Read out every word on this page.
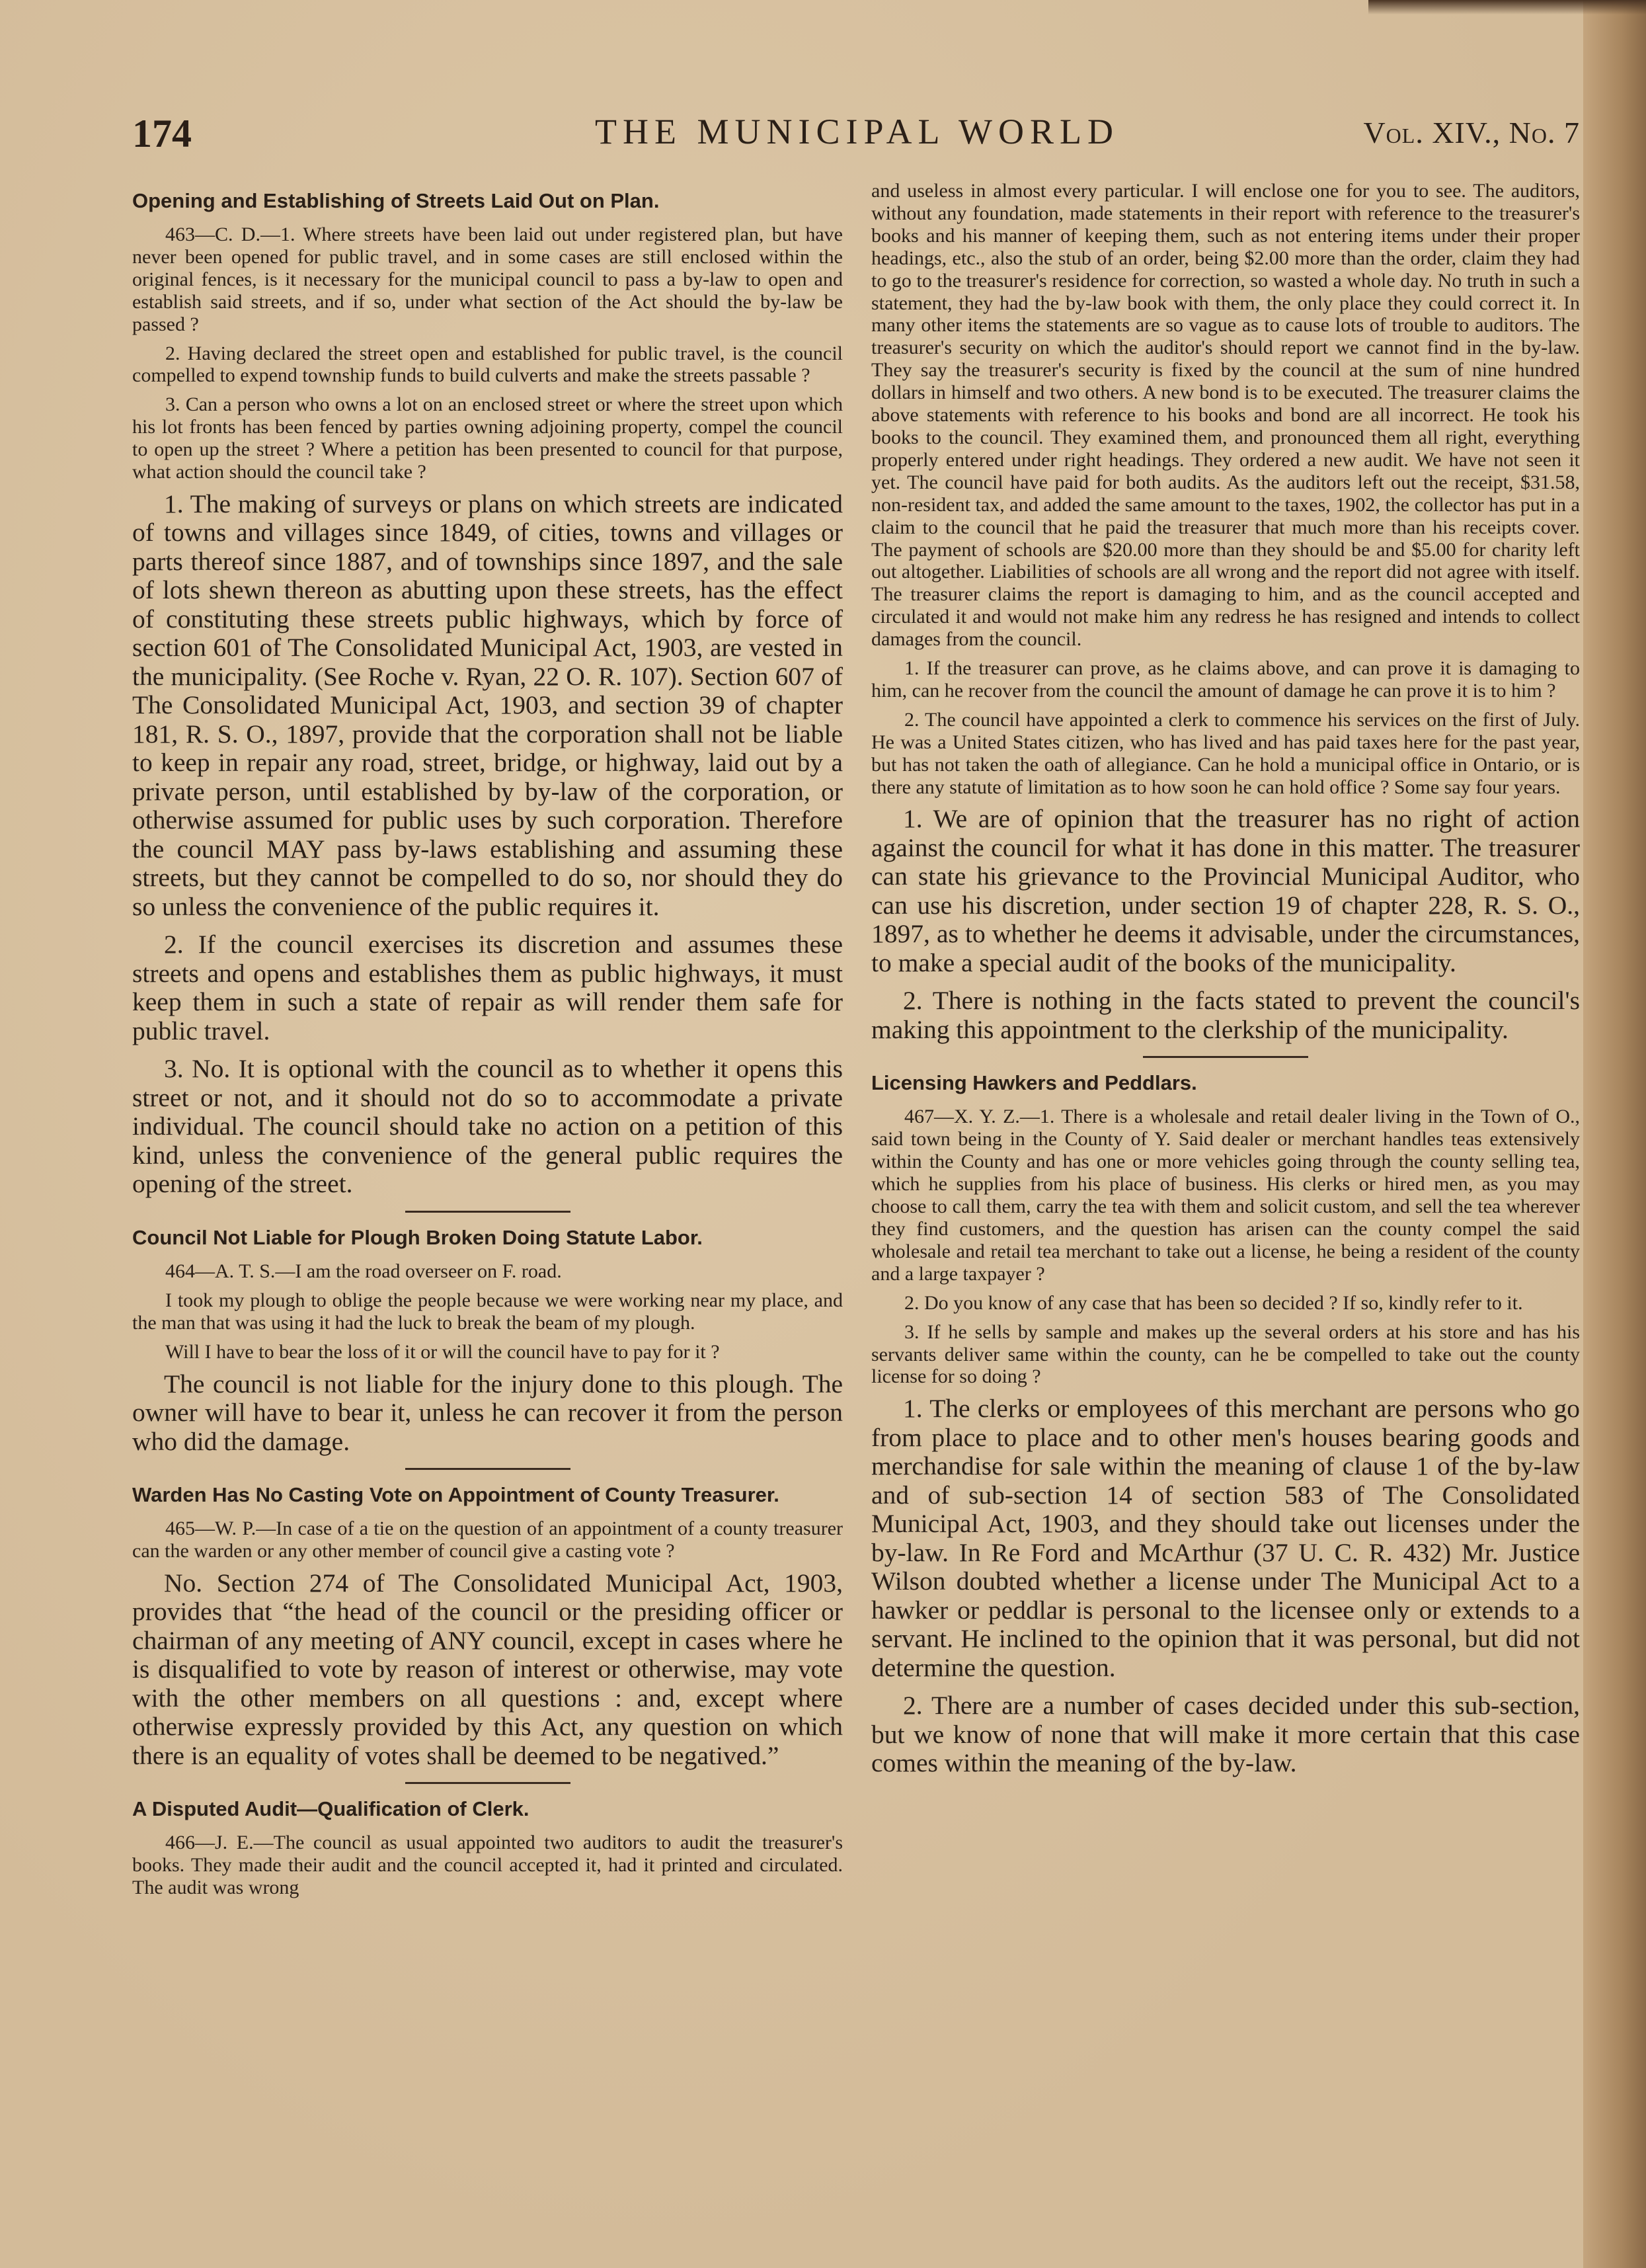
174	THE MUNICIPAL WORLD	Vol. XIV., No. 7
Opening and Establishing of Streets Laid Out on Plan.

463—C. D.—1. Where streets have been laid out under registered plan, but have never been opened for public travel, and in some cases are still enclosed within the original fences, is it necessary for the municipal council to pass a by-law to open and establish said streets, and if so, under what section of the Act should the by-law be passed ?

2. Having declared the street open and established for public travel, is the council compelled to expend township funds to build culverts and make the streets passable ?

3. Can a person who owns a lot on an enclosed street or where the street upon which his lot fronts has been fenced by parties owning adjoining property, compel the council to open up the street ? Where a petition has been presented to council for that purpose, what action should the council take ?

1. The making of surveys or plans on which streets are indicated of towns and villages since 1849, of cities, towns and villages or parts thereof since 1887, and of townships since 1897, and the sale of lots shewn thereon as abutting upon these streets, has the effect of constituting these streets public highways, which by force of section 601 of The Consolidated Municipal Act, 1903, are vested in the municipality. (See Roche v. Ryan, 22 O. R. 107). Section 607 of The Consolidated Municipal Act, 1903, and section 39 of chapter 181, R. S. O., 1897, provide that the corporation shall not be liable to keep in repair any road, street, bridge, or highway, laid out by a private person, until established by by-law of the corporation, or otherwise assumed for public uses by such corporation. Therefore the council MAY pass by-laws establishing and assuming these streets, but they cannot be compelled to do so, nor should they do so unless the convenience of the public requires it.

2. If the council exercises its discretion and assumes these streets and opens and establishes them as public highways, it must keep them in such a state of repair as will render them safe for public travel.

3. No. It is optional with the council as to whether it opens this street or not, and it should not do so to accommodate a private individual. The council should take no action on a petition of this kind, unless the convenience of the general public requires the opening of the street.

Council Not Liable for Plough Broken Doing Statute Labor.

464—A. T. S.—I am the road overseer on F. road.

I took my plough to oblige the people because we were working near my place, and the man that was using it had the luck to break the beam of my plough.

Will I have to bear the loss of it or will the council have to pay for it ?

The council is not liable for the injury done to this plough. The owner will have to bear it, unless he can recover it from the person who did the damage.

Warden Has No Casting Vote on Appointment of County Treasurer.

465—W. P.—In case of a tie on the question of an appointment of a county treasurer can the warden or any other member of council give a casting vote ?

No. Section 274 of The Consolidated Municipal Act, 1903, provides that “the head of the council or the presiding officer or chairman of any meeting of ANY council, except in cases where he is disqualified to vote by reason of interest or otherwise, may vote with the other members on all questions : and, except where otherwise expressly provided by this Act, any question on which there is an equality of votes shall be deemed to be negatived.”

A Disputed Audit—Qualification of Clerk.

466—J. E.—The council as usual appointed two auditors to audit the treasurer's books. They made their audit and the council accepted it, had it printed and circulated. The audit was wrong

and useless in almost every particular. I will enclose one for you to see. The auditors, without any foundation, made statements in their report with reference to the treasurer's books and his manner of keeping them, such as not entering items under their proper headings, etc., also the stub of an order, being $2.00 more than the order, claim they had to go to the treasurer's residence for correction, so wasted a whole day. No truth in such a statement, they had the by-law book with them, the only place they could correct it. In many other items the statements are so vague as to cause lots of trouble to auditors. The treasurer's security on which the auditor's should report we cannot find in the by-law. They say the treasurer's security is fixed by the council at the sum of nine hundred dollars in himself and two others. A new bond is to be executed. The treasurer claims the above statements with reference to his books and bond are all incorrect. He took his books to the council. They examined them, and pronounced them all right, everything properly entered under right headings. They ordered a new audit. We have not seen it yet. The council have paid for both audits. As the auditors left out the receipt, $31.58, non-resident tax, and added the same amount to the taxes, 1902, the collector has put in a claim to the council that he paid the treasurer that much more than his receipts cover. The payment of schools are $20.00 more than they should be and $5.00 for charity left out altogether. Liabilities of schools are all wrong and the report did not agree with itself. The treasurer claims the report is damaging to him, and as the council accepted and circulated it and would not make him any redress he has resigned and intends to collect damages from the council.

1. If the treasurer can prove, as he claims above, and can prove it is damaging to him, can he recover from the council the amount of damage he can prove it is to him ?

2. The council have appointed a clerk to commence his services on the first of July. He was a United States citizen, who has lived and has paid taxes here for the past year, but has not taken the oath of allegiance. Can he hold a municipal office in Ontario, or is there any statute of limitation as to how soon he can hold office ? Some say four years.

1. We are of opinion that the treasurer has no right of action against the council for what it has done in this matter. The treasurer can state his grievance to the Provincial Municipal Auditor, who can use his discretion, under section 19 of chapter 228, R. S. O., 1897, as to whether he deems it advisable, under the circumstances, to make a special audit of the books of the municipality.

2. There is nothing in the facts stated to prevent the council's making this appointment to the clerkship of the municipality.

Licensing Hawkers and Peddlars.

467—X. Y. Z.—1. There is a wholesale and retail dealer living in the Town of O., said town being in the County of Y. Said dealer or merchant handles teas extensively within the County and has one or more vehicles going through the county selling tea, which he supplies from his place of business. His clerks or hired men, as you may choose to call them, carry the tea with them and solicit custom, and sell the tea wherever they find customers, and the question has arisen can the county compel the said wholesale and retail tea merchant to take out a license, he being a resident of the county and a large taxpayer ?

2. Do you know of any case that has been so decided ? If so, kindly refer to it.

3. If he sells by sample and makes up the several orders at his store and has his servants deliver same within the county, can he be compelled to take out the county license for so doing ?

1. The clerks or employees of this merchant are persons who go from place to place and to other men's houses bearing goods and merchandise for sale within the meaning of clause 1 of the by-law and of sub-section 14 of section 583 of The Consolidated Municipal Act, 1903, and they should take out licenses under the by-law. In Re Ford and McArthur (37 U. C. R. 432) Mr. Justice Wilson doubted whether a license under The Municipal Act to a hawker or peddlar is personal to the licensee only or extends to a servant. He inclined to the opinion that it was personal, but did not determine the question.

2. There are a number of cases decided under this sub-section, but we know of none that will make it more certain that this case comes within the meaning of the by-law.
